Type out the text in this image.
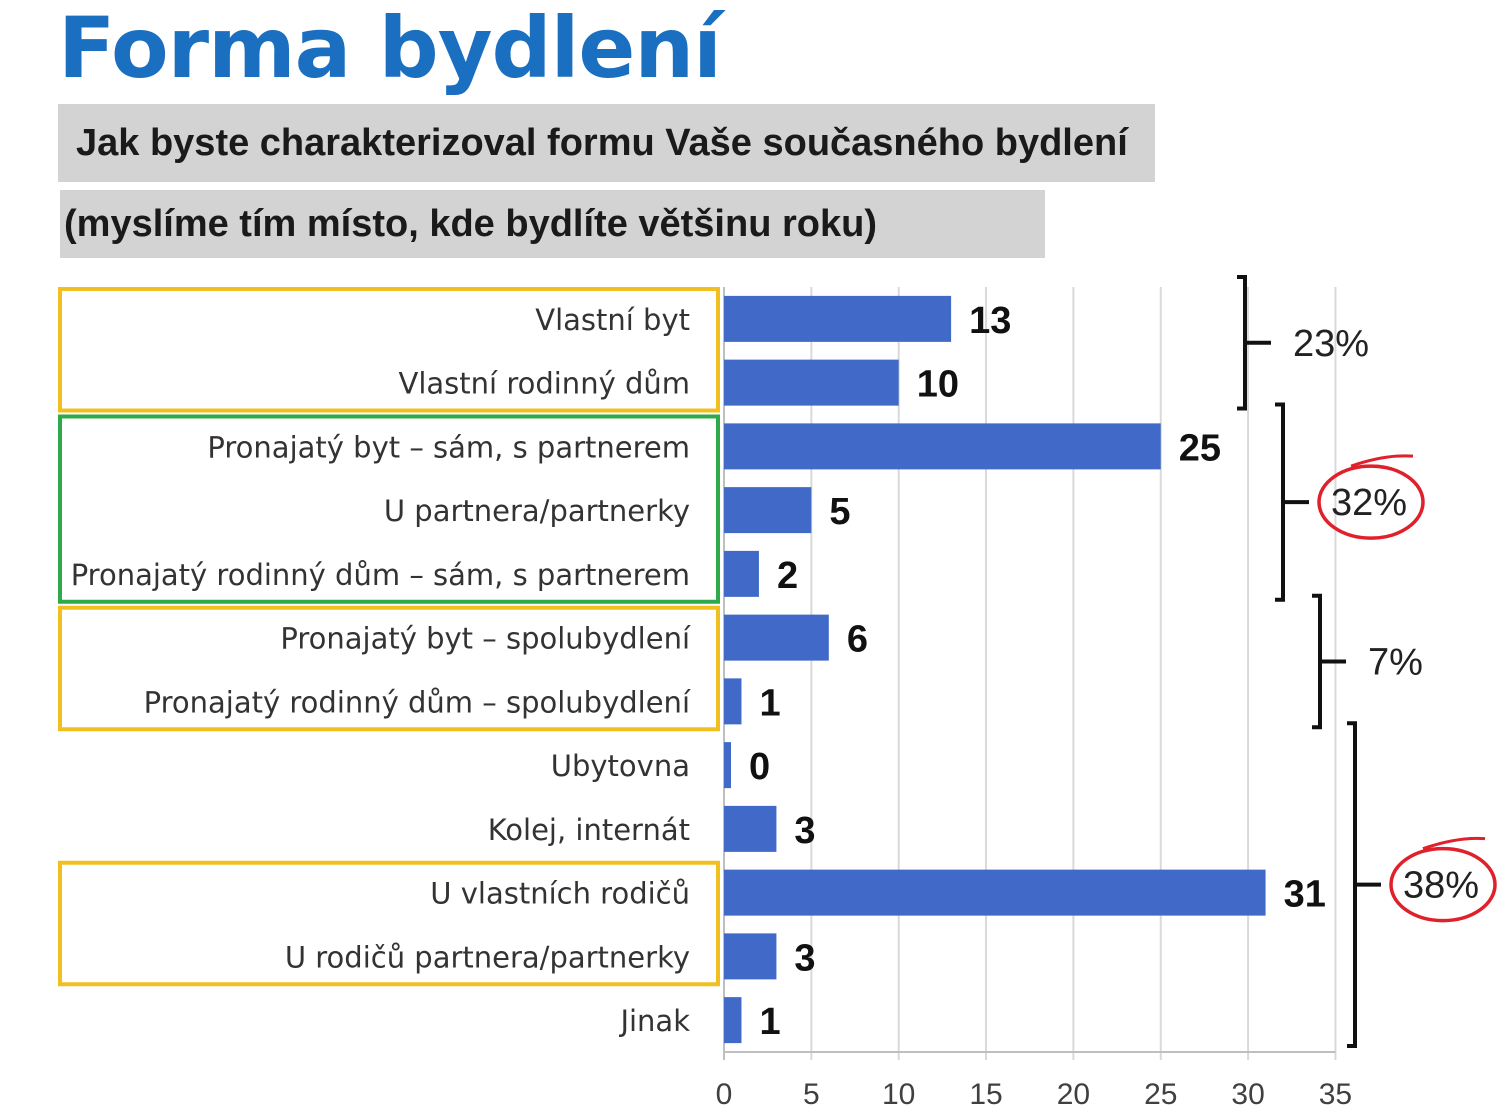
Forma bydlení
Jak byste charakterizoval formu Vaše současného bydlení
(myslíme tím místo, kde bydlíte většinu roku)
0 5 10 15 20 25 30 35
Vlastní byt	13
Vlastní rodinný dům	10
Pronajatý byt – sám, s partnerem	25
U partnera/partnerky	5
Pronajatý rodinný dům – sám, s partnerem 2
Pronajatý byt – spolubydlení	6
Pronajatý rodinný dům – spolubydlení 1
Ubytovna 0
Kolej, internát	3
U vlastních rodičů	31
U rodičů partnera/partnerky	3
Jinak 1
23%
32%
7%
38%
